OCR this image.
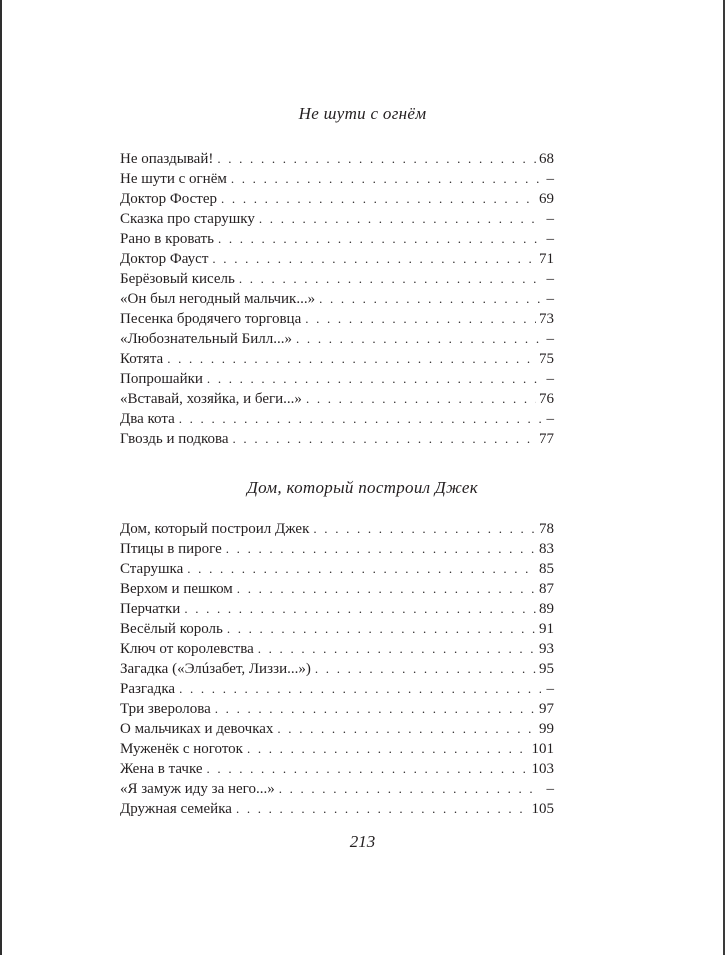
Не шути с огнём
Не опаздывай! . . .	68
Не шути с огнём . . .	–
Доктор Фостер . . .	69
Сказка про старушку . . .	–
Рано в кровать . . .	–
Доктор Фауст . . .	71
Берёзовый кисель . . .	–
«Он был негодный мальчик...» . . .	–
Песенка бродячего торговца . . .	73
«Любознательный Билл...» . . .	–
Котята . . .	75
Попрошайки . . .	–
«Вставай, хозяйка, и беги...» . . .	76
Два кота . . .	–
Гвоздь и подкова . . .	77
Дом, который построил Джек
Дом, который построил Джек . . .	78
Птицы в пироге . . .	83
Старушка . . .	85
Верхом и пешком . . .	87
Перчатки . . .	89
Весёлый король . . .	91
Ключ от королевства . . .	93
Загадка («Элúзабет, Лиззи...») . . .	95
Разгадка . . .	–
Три зверолова . . .	97
О мальчиках и девочках . . .	99
Муженёк с ноготок . . .	101
Жена в тачке . . .	103
«Я замуж иду за него...» . . .	–
Дружная семейка . . .	105
213
